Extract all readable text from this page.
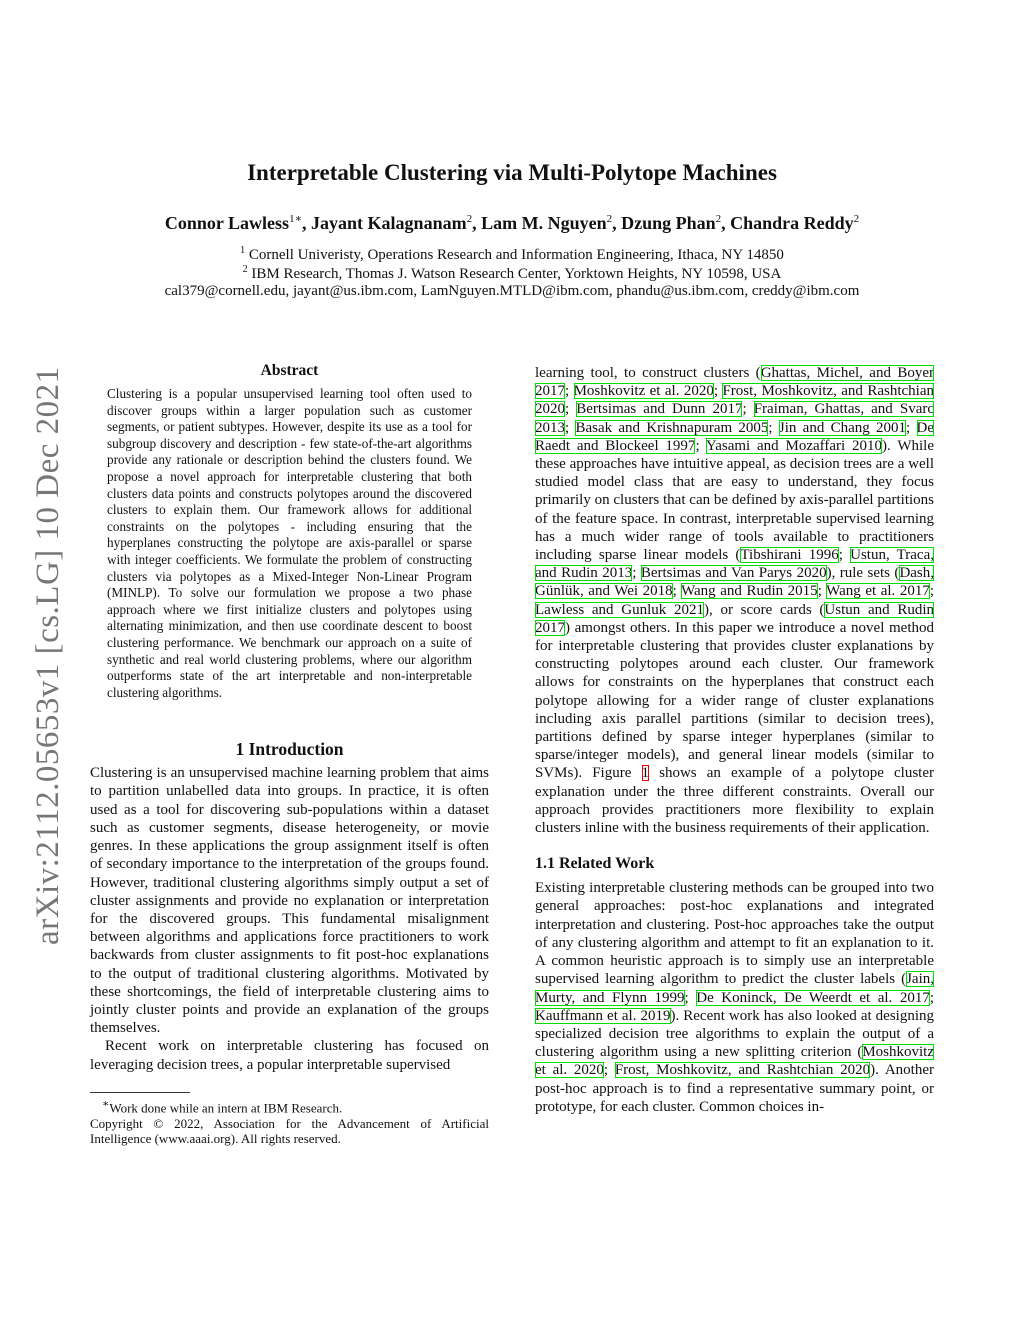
arXiv:2112.05653v1 [cs.LG] 10 Dec 2021
Interpretable Clustering via Multi-Polytope Machines
Connor Lawless$^{1∗}$, Jayant Kalagnanam$^2$, Lam M. Nguyen$^2$, Dzung Phan$^2$, Chandra Reddy$^2$
$^1$ Cornell Univeristy, Operations Research and Information Engineering, Ithaca, NY 14850
$^2$ IBM Research, Thomas J. Watson Research Center, Yorktown Heights, NY 10598, USA
cal379@cornell.edu, jayant@us.ibm.com, LamNguyen.MTLD@ibm.com, phandu@us.ibm.com, creddy@ibm.com
Abstract

Clustering is a popular unsupervised learning tool often used to discover groups within a larger population such as customer segments, or patient subtypes. However, despite its use as a tool for subgroup discovery and description - few state-of-the-art algorithms provide any rationale or description behind the clusters found. We propose a novel approach for interpretable clustering that both clusters data points and constructs polytopes around the discovered clusters to explain them. Our framework allows for additional constraints on the polytopes - including ensuring that the hyperplanes constructing the polytope are axis-parallel or sparse with integer coefficients. We formulate the problem of constructing clusters via polytopes as a Mixed-Integer Non-Linear Program (MINLP). To solve our formulation we propose a two phase approach where we first initialize clusters and polytopes using alternating minimization, and then use coordinate descent to boost clustering performance. We benchmark our approach on a suite of synthetic and real world clustering problems, where our algorithm outperforms state of the art interpretable and non-interpretable clustering algorithms.

1 Introduction

Clustering is an unsupervised machine learning problem that aims to partition unlabelled data into groups. In practice, it is often used as a tool for discovering sub-populations within a dataset such as customer segments, disease heterogeneity, or movie genres. In these applications the group assignment itself is often of secondary importance to the interpretation of the groups found. However, traditional clustering algorithms simply output a set of cluster assignments and provide no explanation or interpretation for the discovered groups. This fundamental misalignment between algorithms and applications force practitioners to work backwards from cluster assignments to fit post-hoc explanations to the output of traditional clustering algorithms. Motivated by these shortcomings, the field of interpretable clustering aims to jointly cluster points and provide an explanation of the groups themselves.

Recent work on interpretable clustering has focused on leveraging decision trees, a popular interpretable supervised

∗Work done while an intern at IBM Research.
Copyright © 2022, Association for the Advancement of Artificial Intelligence (www.aaai.org). All rights reserved.

learning tool, to construct clusters (Ghattas, Michel, and Boyer 2017; Moshkovitz et al. 2020; Frost, Moshkovitz, and Rashtchian 2020; Bertsimas and Dunn 2017; Fraiman, Ghattas, and Svarc 2013; Basak and Krishnapuram 2005; Jin and Chang 2001; De Raedt and Blockeel 1997; Yasami and Mozaffari 2010). While these approaches have intuitive appeal, as decision trees are a well studied model class that are easy to understand, they focus primarily on clusters that can be defined by axis-parallel partitions of the feature space. In contrast, interpretable supervised learning has a much wider range of tools available to practitioners including sparse linear models (Tibshirani 1996; Ustun, Traca, and Rudin 2013; Bertsimas and Van Parys 2020), rule sets (Dash, Günlük, and Wei 2018; Wang and Rudin 2015; Wang et al. 2017; Lawless and Gunluk 2021), or score cards (Ustun and Rudin 2017) amongst others. In this paper we introduce a novel method for interpretable clustering that provides cluster explanations by constructing polytopes around each cluster. Our framework allows for constraints on the hyperplanes that construct each polytope allowing for a wider range of cluster explanations including axis parallel partitions (similar to decision trees), partitions defined by sparse integer hyperplanes (similar to sparse/integer models), and general linear models (similar to SVMs). Figure 1 shows an example of a polytope cluster explanation under the three different constraints. Overall our approach provides practitioners more flexibility to explain clusters inline with the business requirements of their application.

1.1 Related Work

Existing interpretable clustering methods can be grouped into two general approaches: post-hoc explanations and integrated interpretation and clustering. Post-hoc approaches take the output of any clustering algorithm and attempt to fit an explanation to it. A common heuristic approach is to simply use an interpretable supervised learning algorithm to predict the cluster labels (Jain, Murty, and Flynn 1999; De Koninck, De Weerdt et al. 2017; Kauffmann et al. 2019). Recent work has also looked at designing specialized decision tree algorithms to explain the output of a clustering algorithm using a new splitting criterion (Moshkovitz et al. 2020; Frost, Moshkovitz, and Rashtchian 2020). Another post-hoc approach is to find a representative summary point, or prototype, for each cluster. Common choices in-
